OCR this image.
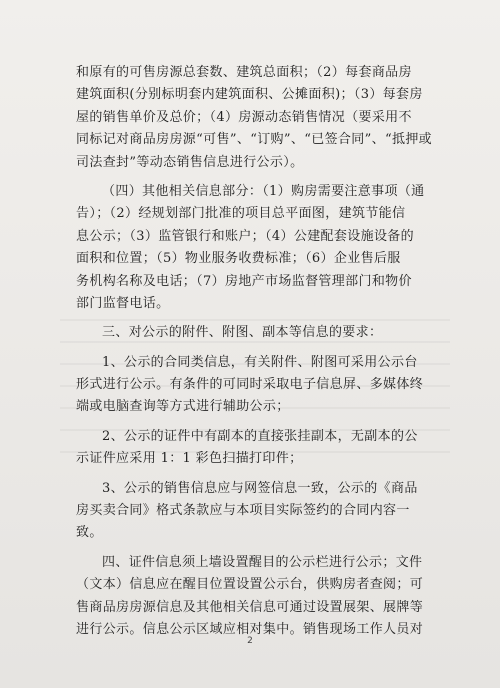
和原有的可售房源总套数、建筑总面积；（2）每套商品房
建筑面积(分别标明套内建筑面积、公摊面积)；（3）每套房
屋的销售单价及总价；（4）房源动态销售情况（要采用不
同标记对商品房房源“可售”、“订购”、“已签合同”、“抵押或
司法查封”等动态销售信息进行公示）。
（四）其他相关信息部分：（1）购房需要注意事项（通
告）；（2）经规划部门批准的项目总平面图，建筑节能信
息公示；（3）监管银行和账户；（4）公建配套设施设备的
面积和位置；（5）物业服务收费标准；（6）企业售后服
务机构名称及电话；（7）房地产市场监督管理部门和物价
部门监督电话。
三、对公示的附件、附图、副本等信息的要求：
1、公示的合同类信息，有关附件、附图可采用公示台
形式进行公示。有条件的可同时采取电子信息屏、多媒体终
端或电脑查询等方式进行辅助公示；
2、公示的证件中有副本的直接张挂副本，无副本的公
示证件应采用 1：1 彩色扫描打印件；
3、公示的销售信息应与网签信息一致，公示的《商品
房买卖合同》格式条款应与本项目实际签约的合同内容一
致。
四、证件信息须上墙设置醒目的公示栏进行公示；文件
（文本）信息应在醒目位置设置公示台，供购房者查阅；可
售商品房房源信息及其他相关信息可通过设置展架、展牌等
进行公示。信息公示区域应相对集中。销售现场工作人员对
2
